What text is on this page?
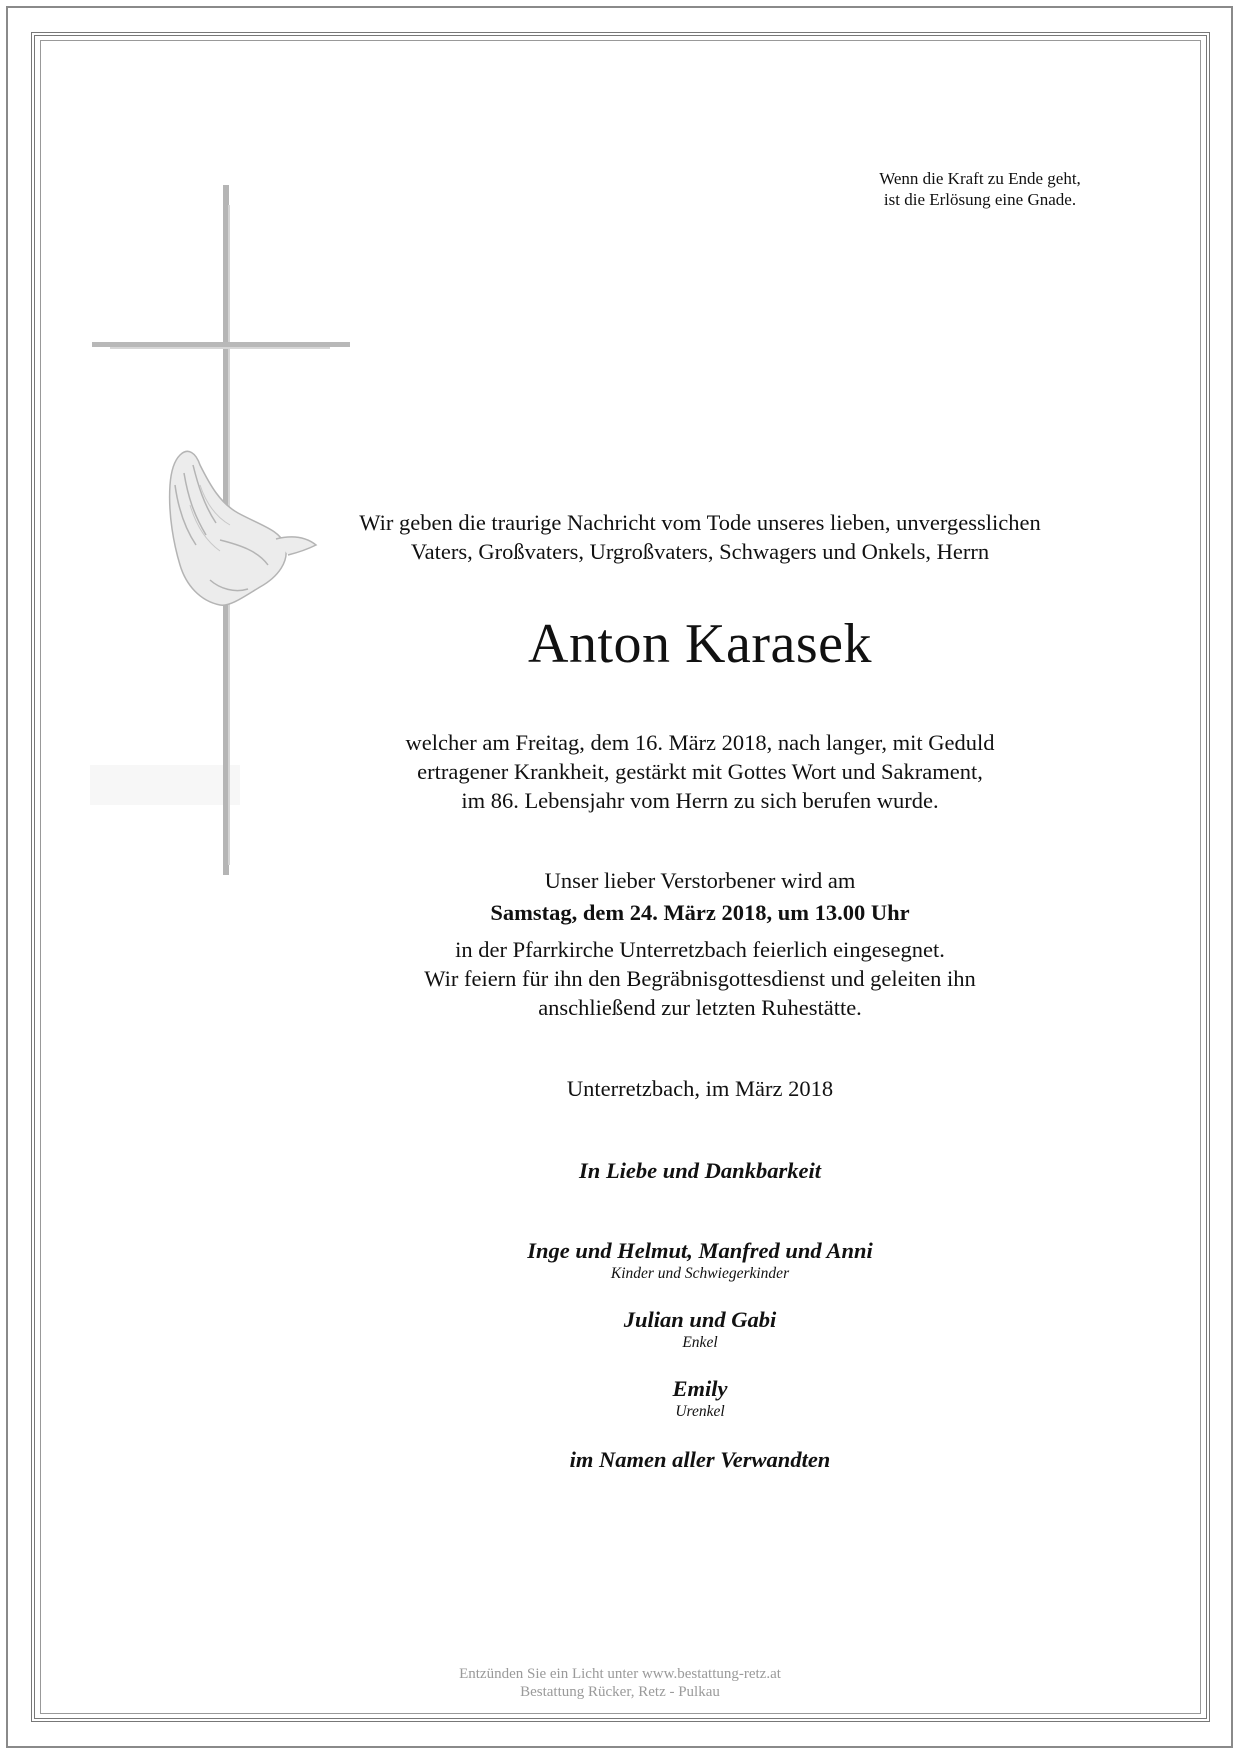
Wenn die Kraft zu Ende geht,
ist die Erlösung eine Gnade.
Wir geben die traurige Nachricht vom Tode unseres lieben, unvergesslichen
Vaters, Großvaters, Urgroßvaters, Schwagers und Onkels, Herrn
Anton Karasek
welcher am Freitag, dem 16. März 2018, nach langer, mit Geduld
ertragener Krankheit, gestärkt mit Gottes Wort und Sakrament,
im 86. Lebensjahr vom Herrn zu sich berufen wurde.
Unser lieber Verstorbener wird am
Samstag, dem 24. März 2018, um 13.00 Uhr
in der Pfarrkirche Unterretzbach feierlich eingesegnet.
Wir feiern für ihn den Begräbnisgottesdienst und geleiten ihn
anschließend zur letzten Ruhestätte.
Unterretzbach, im März 2018
In Liebe und Dankbarkeit
Inge und Helmut, Manfred und Anni
Kinder und Schwiegerkinder
Julian und Gabi
Enkel
Emily
Urenkel
im Namen aller Verwandten
Entzünden Sie ein Licht unter www.bestattung-retz.at
Bestattung Rücker, Retz - Pulkau
